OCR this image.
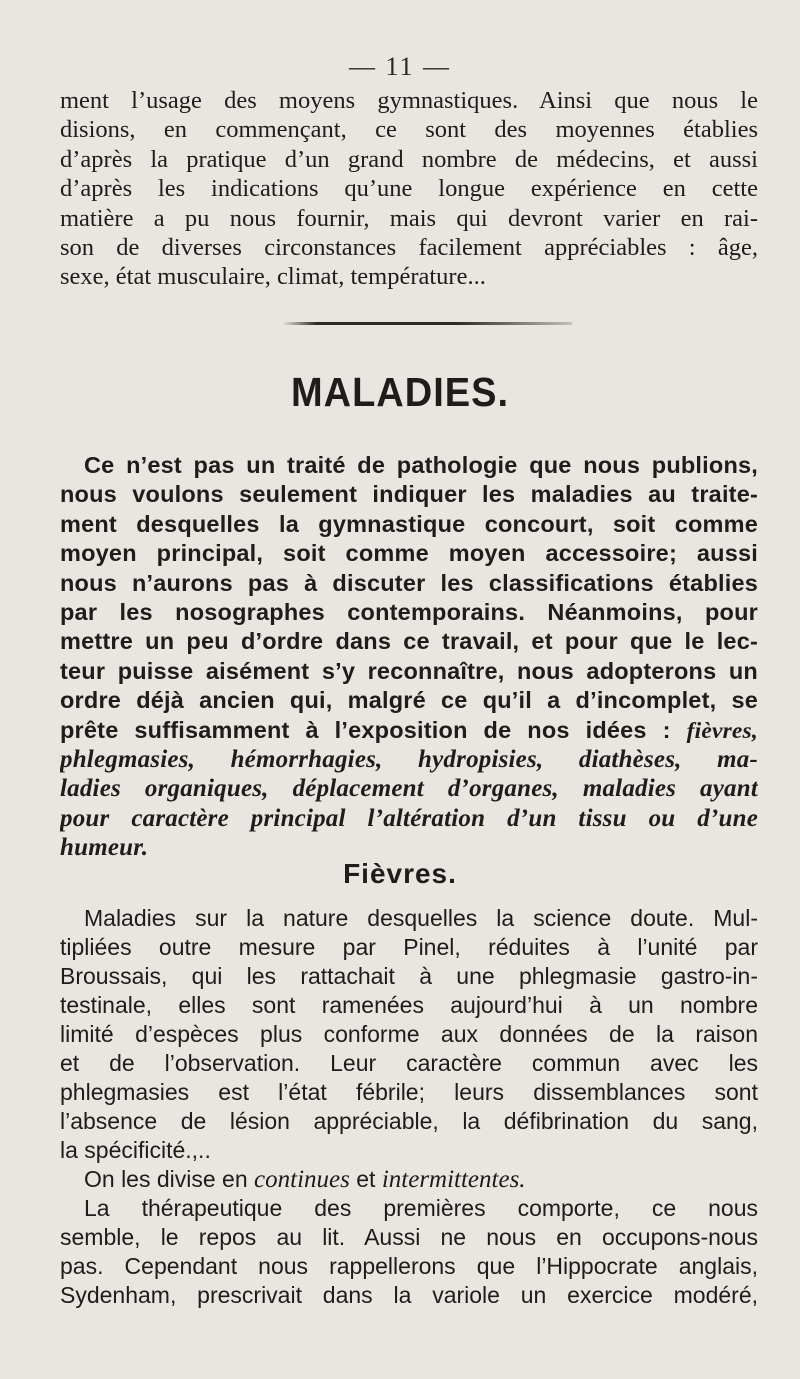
— 11 —
ment l’usage des moyens gymnastiques. Ainsi que nous le
disions, en commençant, ce sont des moyennes établies
d’après la pratique d’un grand nombre de médecins, et aussi
d’après les indications qu’une longue expérience en cette
matière a pu nous fournir, mais qui devront varier en rai-
son de diverses circonstances facilement appréciables : âge,
sexe, état musculaire, climat, température...
MALADIES.
Ce n’est pas un traité de pathologie que nous publions,
nous voulons seulement indiquer les maladies au traite-
ment desquelles la gymnastique concourt, soit comme
moyen principal, soit comme moyen accessoire; aussi
nous n’aurons pas à discuter les classifications établies
par les nosographes contemporains. Néanmoins, pour
mettre un peu d’ordre dans ce travail, et pour que le lec-
teur puisse aisément s’y reconnaître, nous adopterons un
ordre déjà ancien qui, malgré ce qu’il a d’incomplet, se
prête suffisamment à l’exposition de nos idées : fièvres,
phlegmasies, hémorrhagies, hydropisies, diathèses, ma-
ladies organiques, déplacement d’organes, maladies ayant
pour caractère principal l’altération d’un tissu ou d’une
humeur.
Fièvres.
Maladies sur la nature desquelles la science doute. Mul-
tipliées outre mesure par Pinel, réduites à l’unité par
Broussais, qui les rattachait à une phlegmasie gastro-in-
testinale, elles sont ramenées aujourd’hui à un nombre
limité d’espèces plus conforme aux données de la raison
et de l’observation. Leur caractère commun avec les
phlegmasies est l’état fébrile; leurs dissemblances sont
l’absence de lésion appréciable, la défibrination du sang,
la spécificité.,..
On les divise en continues et intermittentes.
La thérapeutique des premières comporte, ce nous
semble, le repos au lit. Aussi ne nous en occupons-nous
pas. Cependant nous rappellerons que l’Hippocrate anglais,
Sydenham, prescrivait dans la variole un exercice modéré,
